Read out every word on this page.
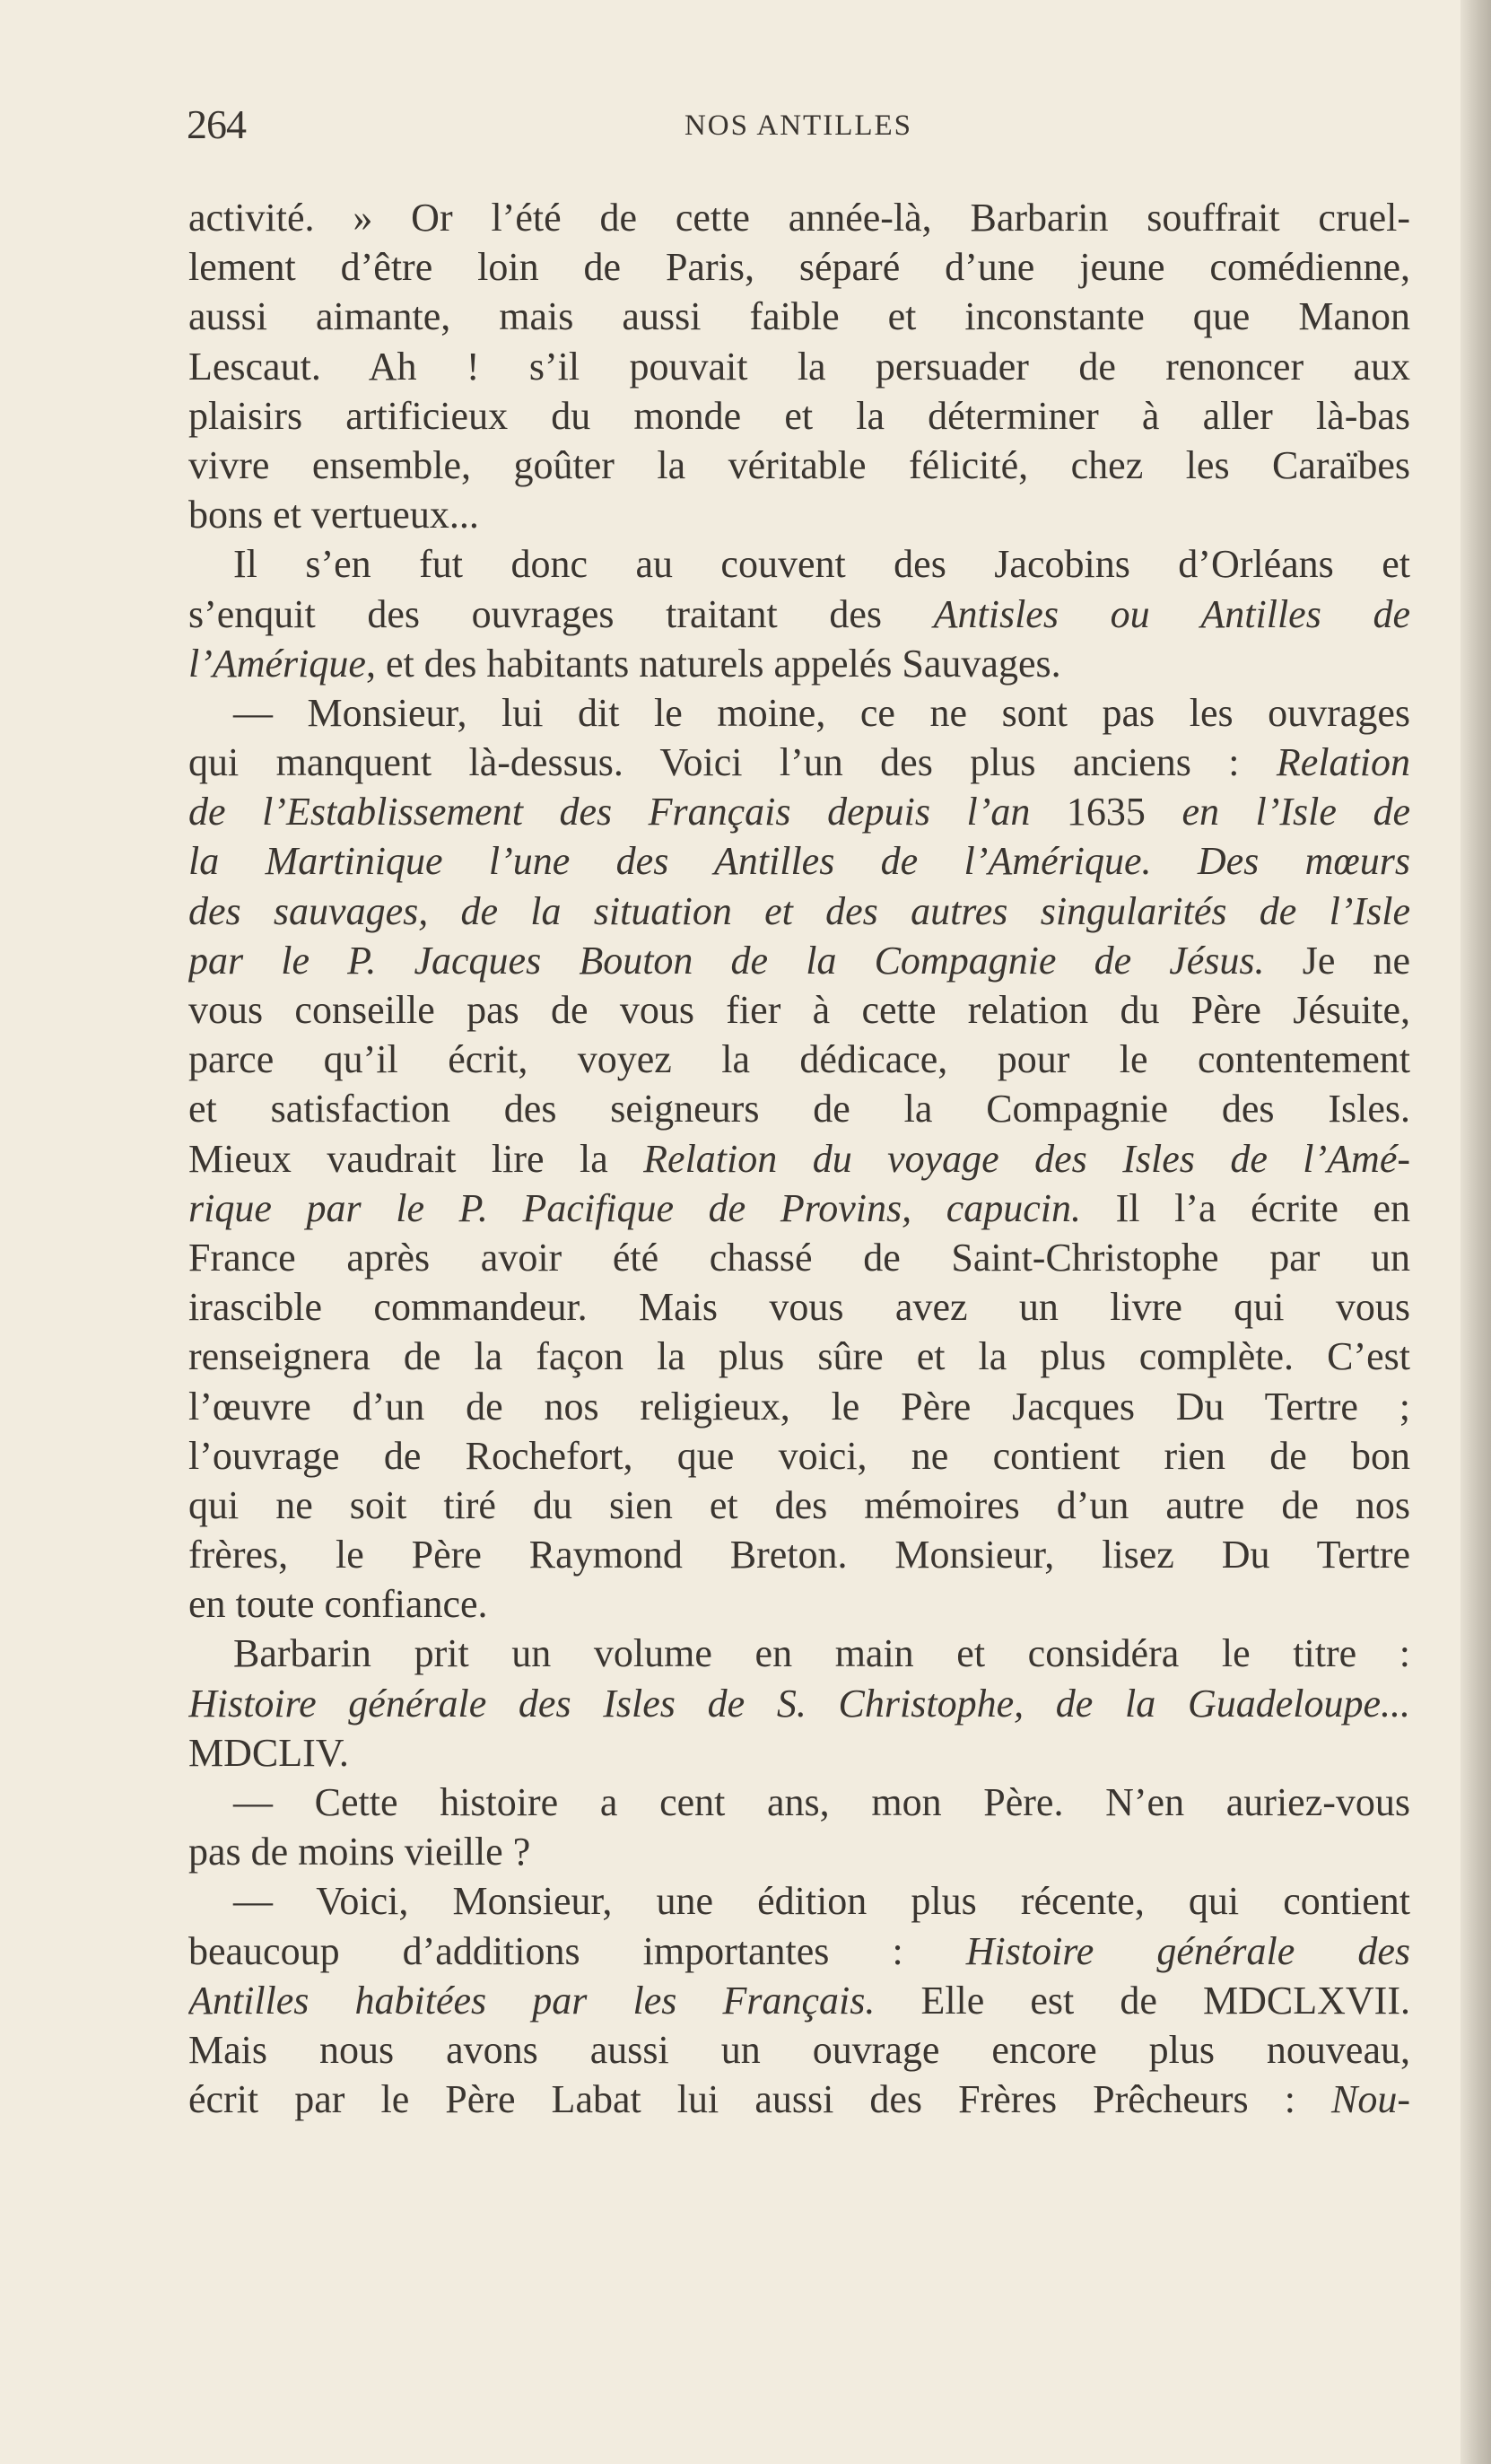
264	NOS ANTILLES
activité. » Or l’été de cette année-là, Barbarin souffrait cruel-
lement d’être loin de Paris, séparé d’une jeune comédienne,
aussi aimante, mais aussi faible et inconstante que Manon
Lescaut. Ah ! s’il pouvait la persuader de renoncer aux
plaisirs artificieux du monde et la déterminer à aller là-bas
vivre ensemble, goûter la véritable félicité, chez les Caraïbes
bons et vertueux...
Il s’en fut donc au couvent des Jacobins d’Orléans et
s’enquit des ouvrages traitant des Antisles ou Antilles de
l’Amérique, et des habitants naturels appelés Sauvages.
— Monsieur, lui dit le moine, ce ne sont pas les ouvrages
qui manquent là-dessus. Voici l’un des plus anciens : Relation
de l’Establissement des Français depuis l’an 1635 en l’Isle de
la Martinique l’une des Antilles de l’Amérique. Des mœurs
des sauvages, de la situation et des autres singularités de l’Isle
par le P. Jacques Bouton de la Compagnie de Jésus. Je ne
vous conseille pas de vous fier à cette relation du Père Jésuite,
parce qu’il écrit, voyez la dédicace, pour le contentement
et satisfaction des seigneurs de la Compagnie des Isles.
Mieux vaudrait lire la Relation du voyage des Isles de l’Amé-
rique par le P. Pacifique de Provins, capucin. Il l’a écrite en
France après avoir été chassé de Saint-Christophe par un
irascible commandeur. Mais vous avez un livre qui vous
renseignera de la façon la plus sûre et la plus complète. C’est
l’œuvre d’un de nos religieux, le Père Jacques Du Tertre ;
l’ouvrage de Rochefort, que voici, ne contient rien de bon
qui ne soit tiré du sien et des mémoires d’un autre de nos
frères, le Père Raymond Breton. Monsieur, lisez Du Tertre
en toute confiance.
Barbarin prit un volume en main et considéra le titre :
Histoire générale des Isles de S. Christophe, de la Guadeloupe...
MDCLIV.
— Cette histoire a cent ans, mon Père. N’en auriez-vous
pas de moins vieille ?
— Voici, Monsieur, une édition plus récente, qui contient
beaucoup d’additions importantes : Histoire générale des
Antilles habitées par les Français. Elle est de MDCLXVII.
Mais nous avons aussi un ouvrage encore plus nouveau,
écrit par le Père Labat lui aussi des Frères Prêcheurs : Nou-
